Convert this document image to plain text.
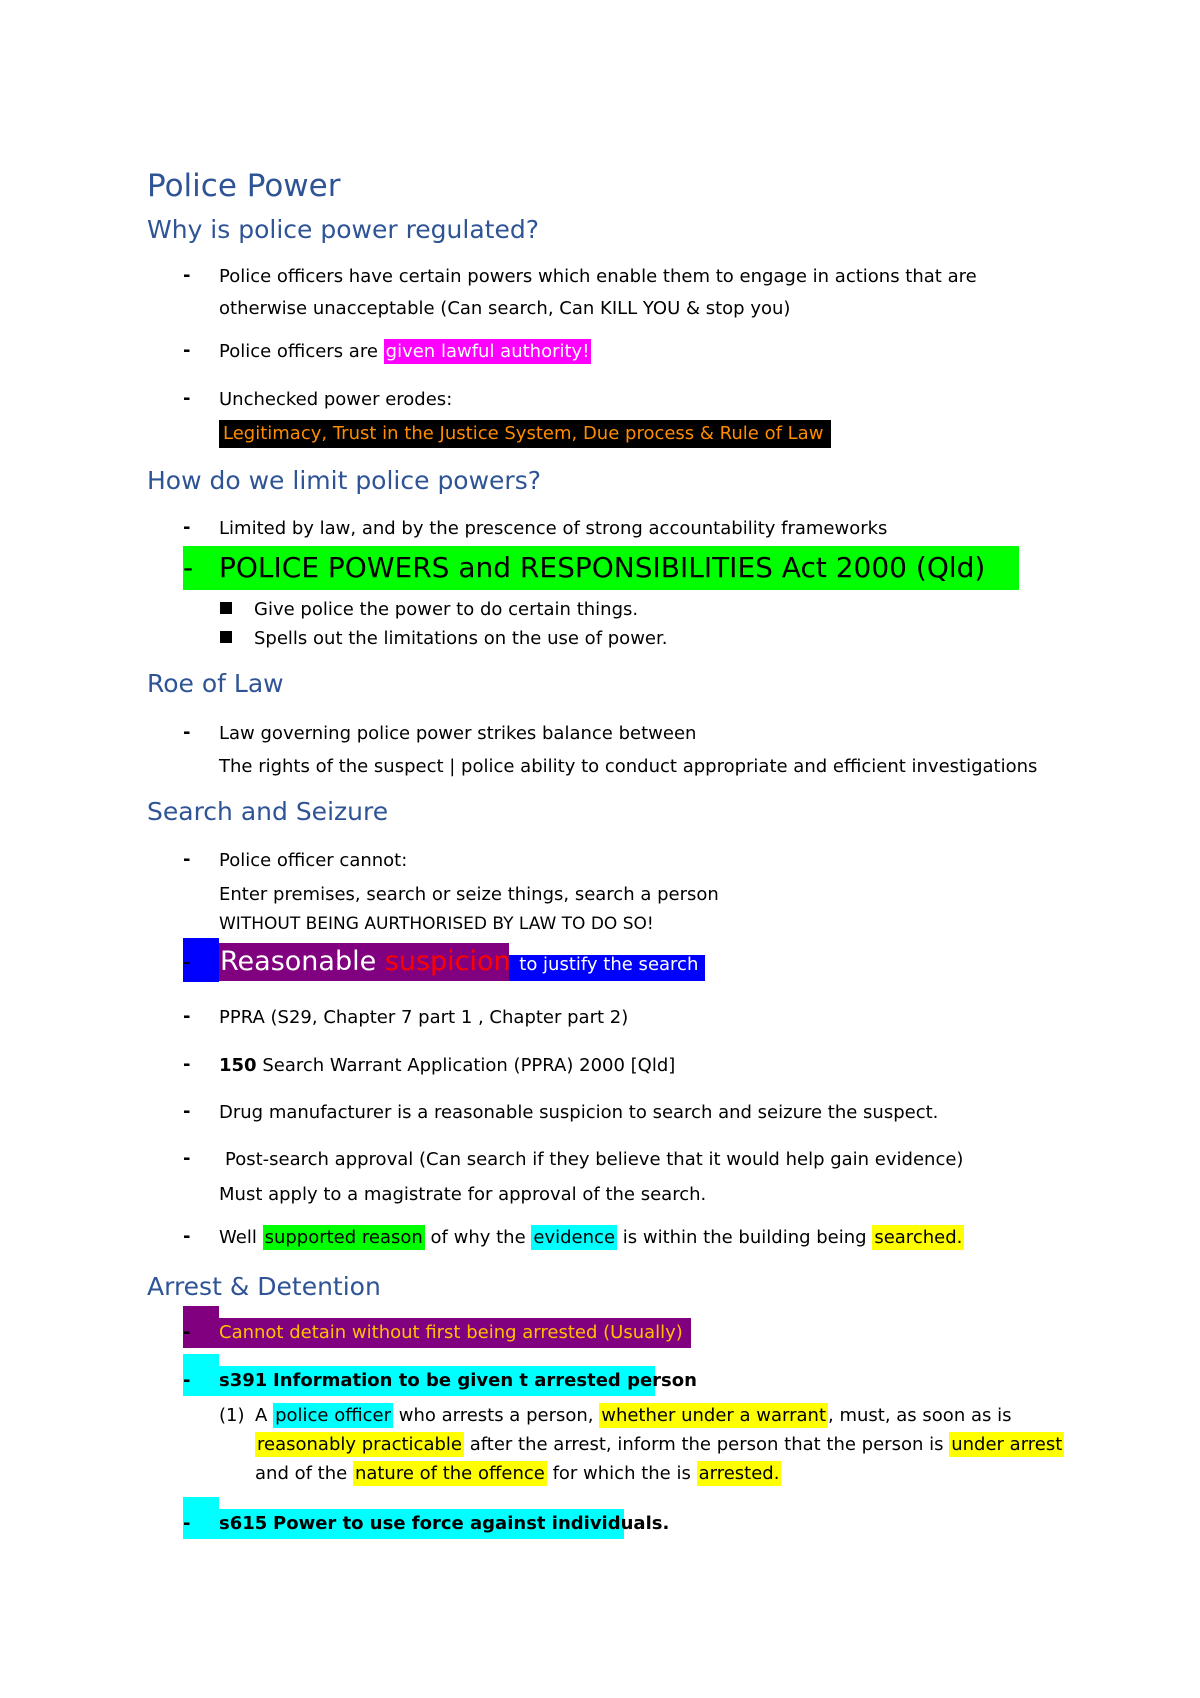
Police Power
Why is police power regulated?
- Police officers have certain powers which enable them to engage in actions that are
otherwise unacceptable (Can search, Can KILL YOU & stop you)
- Police officers are given lawful authority!
- Unchecked power erodes:
Legitimacy, Trust in the Justice System, Due process & Rule of Law
How do we limit police powers?
- Limited by law, and by the prescence of strong accountability frameworks
- POLICE POWERS and RESPONSIBILITIES Act 2000 (Qld)
Give police the power to do certain things.
Spells out the limitations on the use of power.
Roe of Law
- Law governing police power strikes balance between
The rights of the suspect | police ability to conduct appropriate and efficient investigations
Search and Seizure
- Police officer cannot:
Enter premises, search or seize things, search a person
WITHOUT BEING AURTHORISED BY LAW TO DO SO!
- Reasonable suspicion to justify the search .
- PPRA (S29, Chapter 7 part 1 , Chapter part 2)
- 150 Search Warrant Application (PPRA) 2000 [Qld]
- Drug manufacturer is a reasonable suspicion to search and seizure the suspect.
- Post-search approval (Can search if they believe that it would help gain evidence)
Must apply to a magistrate for approval of the search.
- Well supported reason of why the evidence is within the building being searched.
Arrest & Detention
- Cannot detain without first being arrested (Usually)
- s391 Information to be given t arrested person
(1) A police officer who arrests a person, whether under a warrant , must, as soon as is
reasonably practicable after the arrest, inform the person that the person is under arrest
and of the nature of the offence for which the is arrested.
- s615 Power to use force against individuals.
